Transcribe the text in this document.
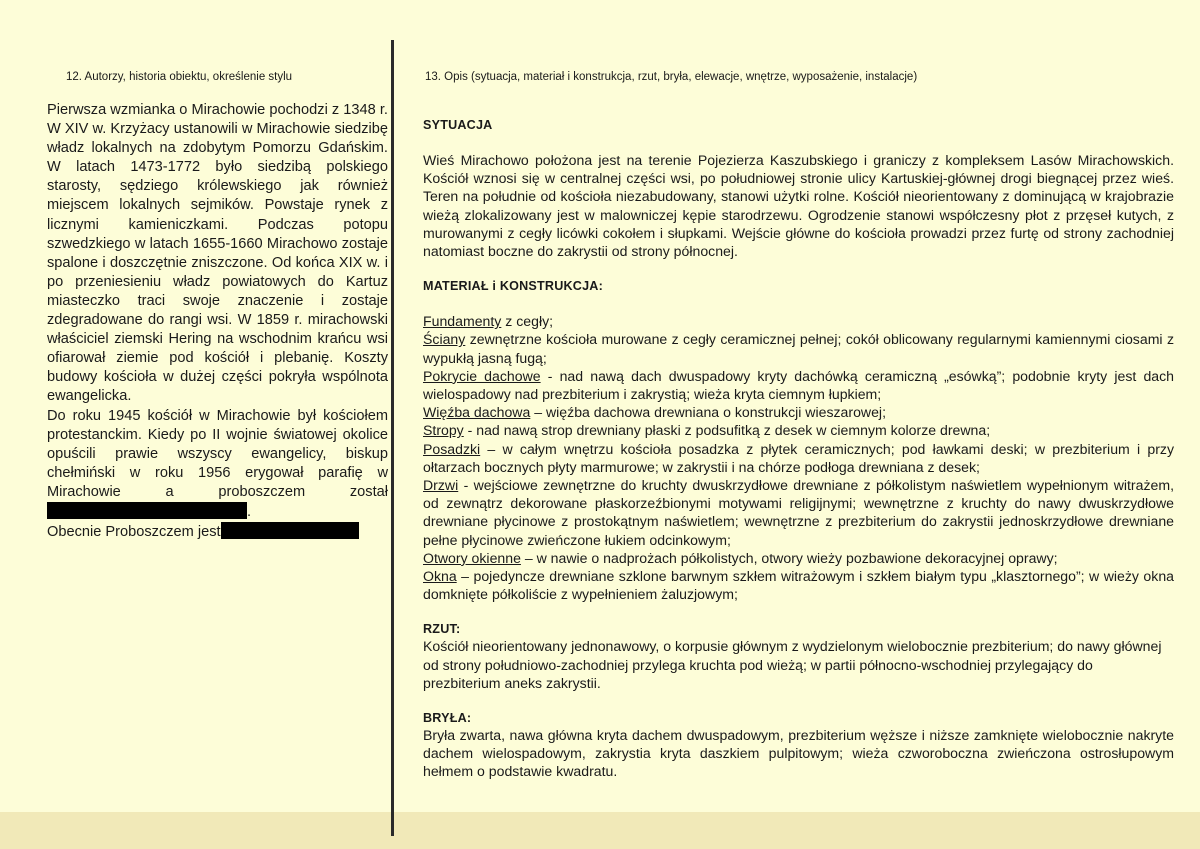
12. Autorzy, historia obiektu, określenie stylu	13. Opis (sytuacja, materiał i konstrukcja, rzut, bryła, elewacje, wnętrze, wyposażenie, instalacje)

Pierwsza wzmianka o Mirachowie pochodzi z 1348 r. W XIV w. Krzyżacy ustanowili w Mirachowie siedzibę władz lokalnych na zdobytym Pomorzu Gdańskim. W latach 1473-1772 było siedzibą polskiego starosty, sędziego królewskiego jak również miejscem lokalnych sejmików. Powstaje rynek z licznymi kamieniczkami. Podczas potopu szwedzkiego w latach 1655-1660 Mirachowo zostaje spalone i doszczętnie zniszczone. Od końca XIX w. i po przeniesieniu władz powiatowych do Kartuz miasteczko traci swoje znaczenie i zostaje zdegradowane do rangi wsi. W 1859 r. mirachowski właściciel ziemski Hering na wschodnim krańcu wsi ofiarował ziemie pod kościół i plebanię. Koszty budowy kościoła w dużej części pokryła wspólnota ewangelicka.

Do roku 1945 kościół w Mirachowie był kościołem protestanckim. Kiedy po II wojnie światowej okolice opuścili prawie wszyscy ewangelicy, biskup chełmiński w roku 1956 erygował parafię w Mirachowie a proboszczem został.

Obecnie Proboszczem jest

SYTUACJA

Wieś Mirachowo położona jest na terenie Pojezierza Kaszubskiego i graniczy z kompleksem Lasów Mirachowskich. Kościół wznosi się w centralnej części wsi, po południowej stronie ulicy Kartuskiej-głównej drogi biegnącej przez wieś. Teren na południe od kościoła niezabudowany, stanowi użytki rolne. Kościół nieorientowany z dominującą w krajobrazie wieżą zlokalizowany jest w malowniczej kępie starodrzewu. Ogrodzenie stanowi współczesny płot z przęseł kutych, z murowanymi z cegły licówki cokołem i słupkami. Wejście główne do kościoła prowadzi przez furtę od strony zachodniej natomiast boczne do zakrystii od strony północnej.

MATERIAŁ i KONSTRUKCJA:

Fundamenty z cegły;

Ściany zewnętrzne kościoła murowane z cegły ceramicznej pełnej; cokół oblicowany regularnymi kamiennymi ciosami z wypukłą jasną fugą;

Pokrycie dachowe - nad nawą dach dwuspadowy kryty dachówką ceramiczną „esówką”; podobnie kryty jest dach wielospadowy nad prezbiterium i zakrystią; wieża kryta ciemnym łupkiem;

Więźba dachowa – więźba dachowa drewniana o konstrukcji wieszarowej;

Stropy - nad nawą strop drewniany płaski z podsufitką z desek w ciemnym kolorze drewna;

Posadzki – w całym wnętrzu kościoła posadzka z płytek ceramicznych; pod ławkami deski; w prezbiterium i przy ołtarzach bocznych płyty marmurowe; w zakrystii i na chórze podłoga drewniana z desek;

Drzwi - wejściowe zewnętrzne do kruchty dwuskrzydłowe drewniane z półkolistym naświetlem wypełnionym witrażem, od zewnątrz dekorowane płaskorzeźbionymi motywami religijnymi; wewnętrzne z kruchty do nawy dwuskrzydłowe drewniane płycinowe z prostokątnym naświetlem; wewnętrzne z prezbiterium do zakrystii jednoskrzydłowe drewniane pełne płycinowe zwieńczone łukiem odcinkowym;

Otwory okienne – w nawie o nadprożach półkolistych, otwory wieży pozbawione dekoracyjnej oprawy;

Okna – pojedyncze drewniane szklone barwnym szkłem witrażowym i szkłem białym typu „klasztornego”; w wieży okna domknięte półkoliście z wypełnieniem żaluzjowym;

RZUT:

Kościół nieorientowany jednonawowy, o korpusie głównym z wydzielonym wielobocznie prezbiterium; do nawy głównej od strony południowo-zachodniej przylega kruchta pod wieżą; w partii północno-wschodniej przylegający do prezbiterium aneks zakrystii.

BRYŁA:

Bryła zwarta, nawa główna kryta dachem dwuspadowym, prezbiterium węższe i niższe zamknięte wielobocznie nakryte dachem wielospadowym, zakrystia kryta daszkiem pulpitowym; wieża czworoboczna zwieńczona ostrosłupowym hełmem o podstawie kwadratu.
